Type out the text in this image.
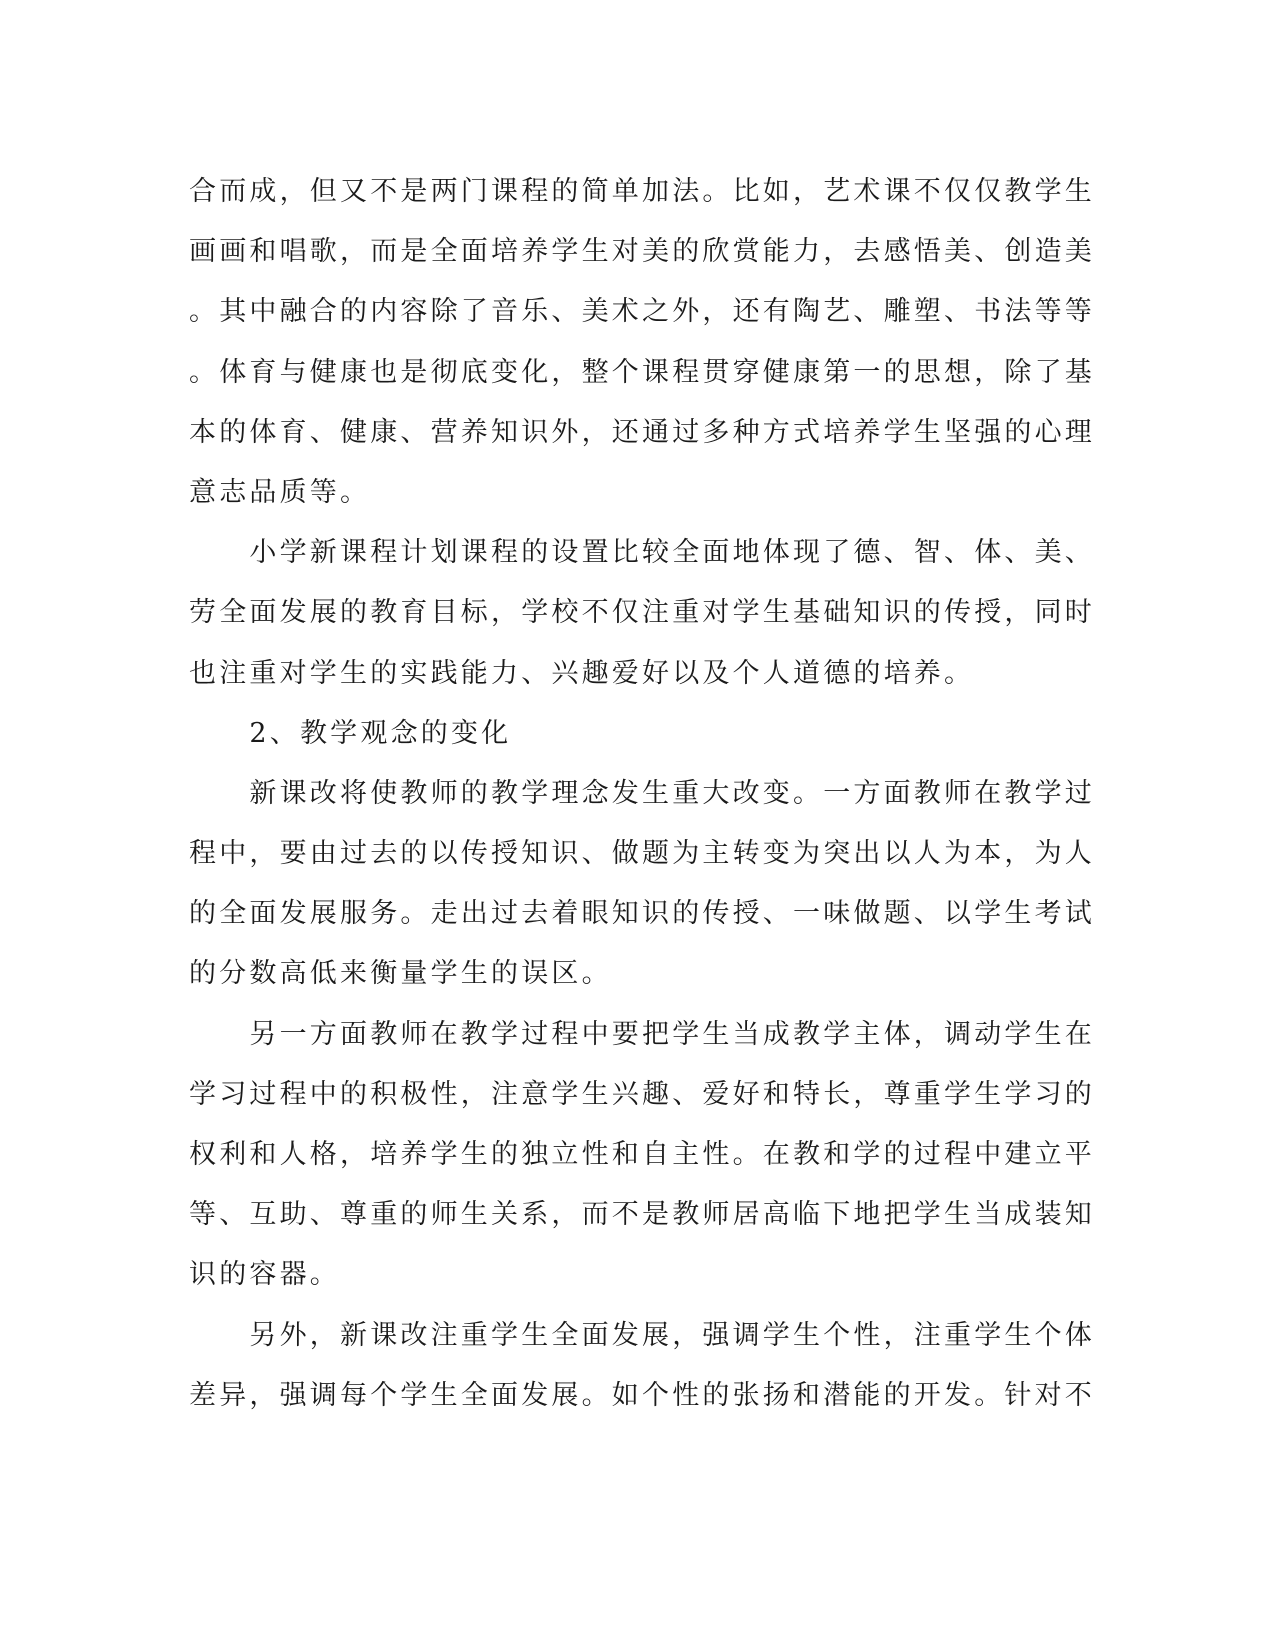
合而成，但又不是两门课程的简单加法。比如，艺术课不仅仅教学生
画画和唱歌，而是全面培养学生对美的欣赏能力，去感悟美、创造美
。其中融合的内容除了音乐、美术之外，还有陶艺、雕塑、书法等等
。体育与健康也是彻底变化，整个课程贯穿健康第一的思想，除了基
本的体育、健康、营养知识外，还通过多种方式培养学生坚强的心理
意志品质等。
　　小学新课程计划课程的设置比较全面地体现了德、智、体、美、
劳全面发展的教育目标，学校不仅注重对学生基础知识的传授，同时
也注重对学生的实践能力、兴趣爱好以及个人道德的培养。
　　2、教学观念的变化
　　新课改将使教师的教学理念发生重大改变。一方面教师在教学过
程中，要由过去的以传授知识、做题为主转变为突出以人为本，为人
的全面发展服务。走出过去着眼知识的传授、一味做题、以学生考试
的分数高低来衡量学生的误区。
　　另一方面教师在教学过程中要把学生当成教学主体，调动学生在
学习过程中的积极性，注意学生兴趣、爱好和特长，尊重学生学习的
权利和人格，培养学生的独立性和自主性。在教和学的过程中建立平
等、互助、尊重的师生关系，而不是教师居高临下地把学生当成装知
识的容器。
　　另外，新课改注重学生全面发展，强调学生个性，注重学生个体
差异，强调每个学生全面发展。如个性的张扬和潜能的开发。针对不
